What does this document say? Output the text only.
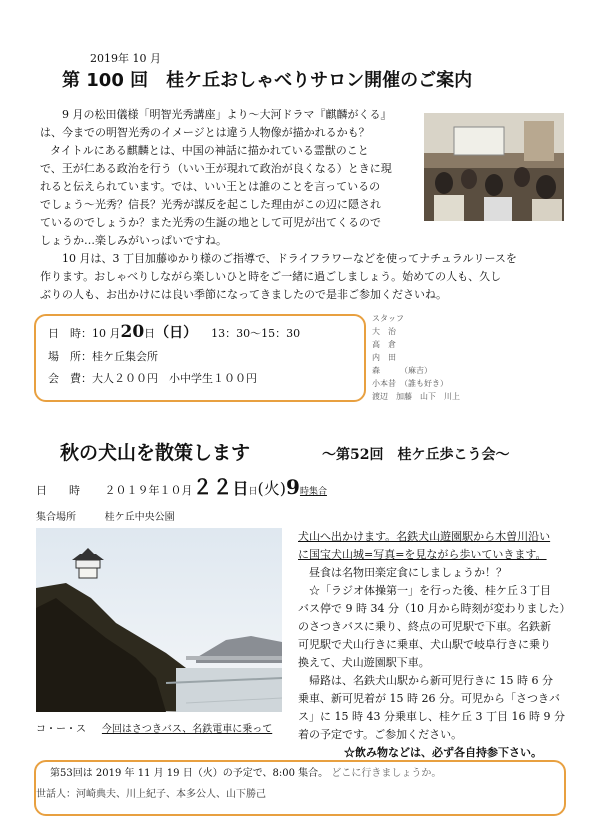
2019年 10 月
第 100 回　桂ケ丘おしゃべりサロン開催のご案内
9 月の松田儀様「明智光秀講座」より～大河ドラマ『麒麟がくる』
は、今までの明智光秀のイメージとは違う人物像が描かれるかも？
タイトルにある麒麟とは、中国の神話に描かれている霊獣のこと
で、王が仁ある政治を行う（いい王が現れて政治が良くなる）ときに現
れると伝えられています。では、いい王とは誰のことを言っているの
でしょう～光秀？信長？光秀が謀反を起こした理由がこの辺に隠され
ているのでしょうか？また光秀の生誕の地として可児が出てくるので
しょうか…楽しみがいっぱいですね。
10 月は、3 丁目加藤ゆかり様のご指導で、ドライフラワーなどを使ってナチュラルリースを
作ります。おしゃべりしながら楽しいひと時をご一緒に過ごしましょう。始めての人も、久し
ぶりの人も、お出かけには良い季節になってきましたので是非ご参加くださいね。
日　時：10 月20日（日） 13：30～15：30
場　所：桂ケ丘集会所
会　費：大人２００円　小中学生１００円
スタッフ
大　治
高　倉
内　田
森　　　（麻吉）
小本昔　（誰も好き）
渡辺　加藤　山下　川上
秋の犬山を散策します	～第52回　桂ケ丘歩こう会～
日　　時 ２０１９年１０月２２日日(火)9時集合
集合場所	桂ケ丘中央公園
犬山へ出かけます。名鉄犬山遊園駅から木曽川沿い
に国宝犬山城=写真=を見ながら歩いていきます。
　昼食は名物田楽定食にしましょうか！？
　☆「ラジオ体操第一」を行った後、桂ケ丘３丁目
バス停で 9 時 34 分（10 月から時刻が変わりました）
のさつきバスに乗り、終点の可児駅で下車。名鉄新
可児駅で犬山行きに乗車、犬山駅で岐阜行きに乗り
換えて、犬山遊園駅下車。
　帰路は、名鉄犬山駅から新可児行きに 15 時 6 分
乗車、新可児着が 15 時 26 分。可児から「さつきバ
ス」に 15 時 43 分乗車し、桂ケ丘 3 丁目 16 時 9 分
着の予定です。ご参加ください。
☆飲み物などは、必ず各自持参下さい。
コ・ー・ス 今回はさつきバス、名鉄電車に乗って
第53回は 2019 年 11 月 19 日（火）の予定で、8:00 集合。 どこに行きましょうか。
世話人：河崎典夫、川上紀子、本多公人、山下勝己
